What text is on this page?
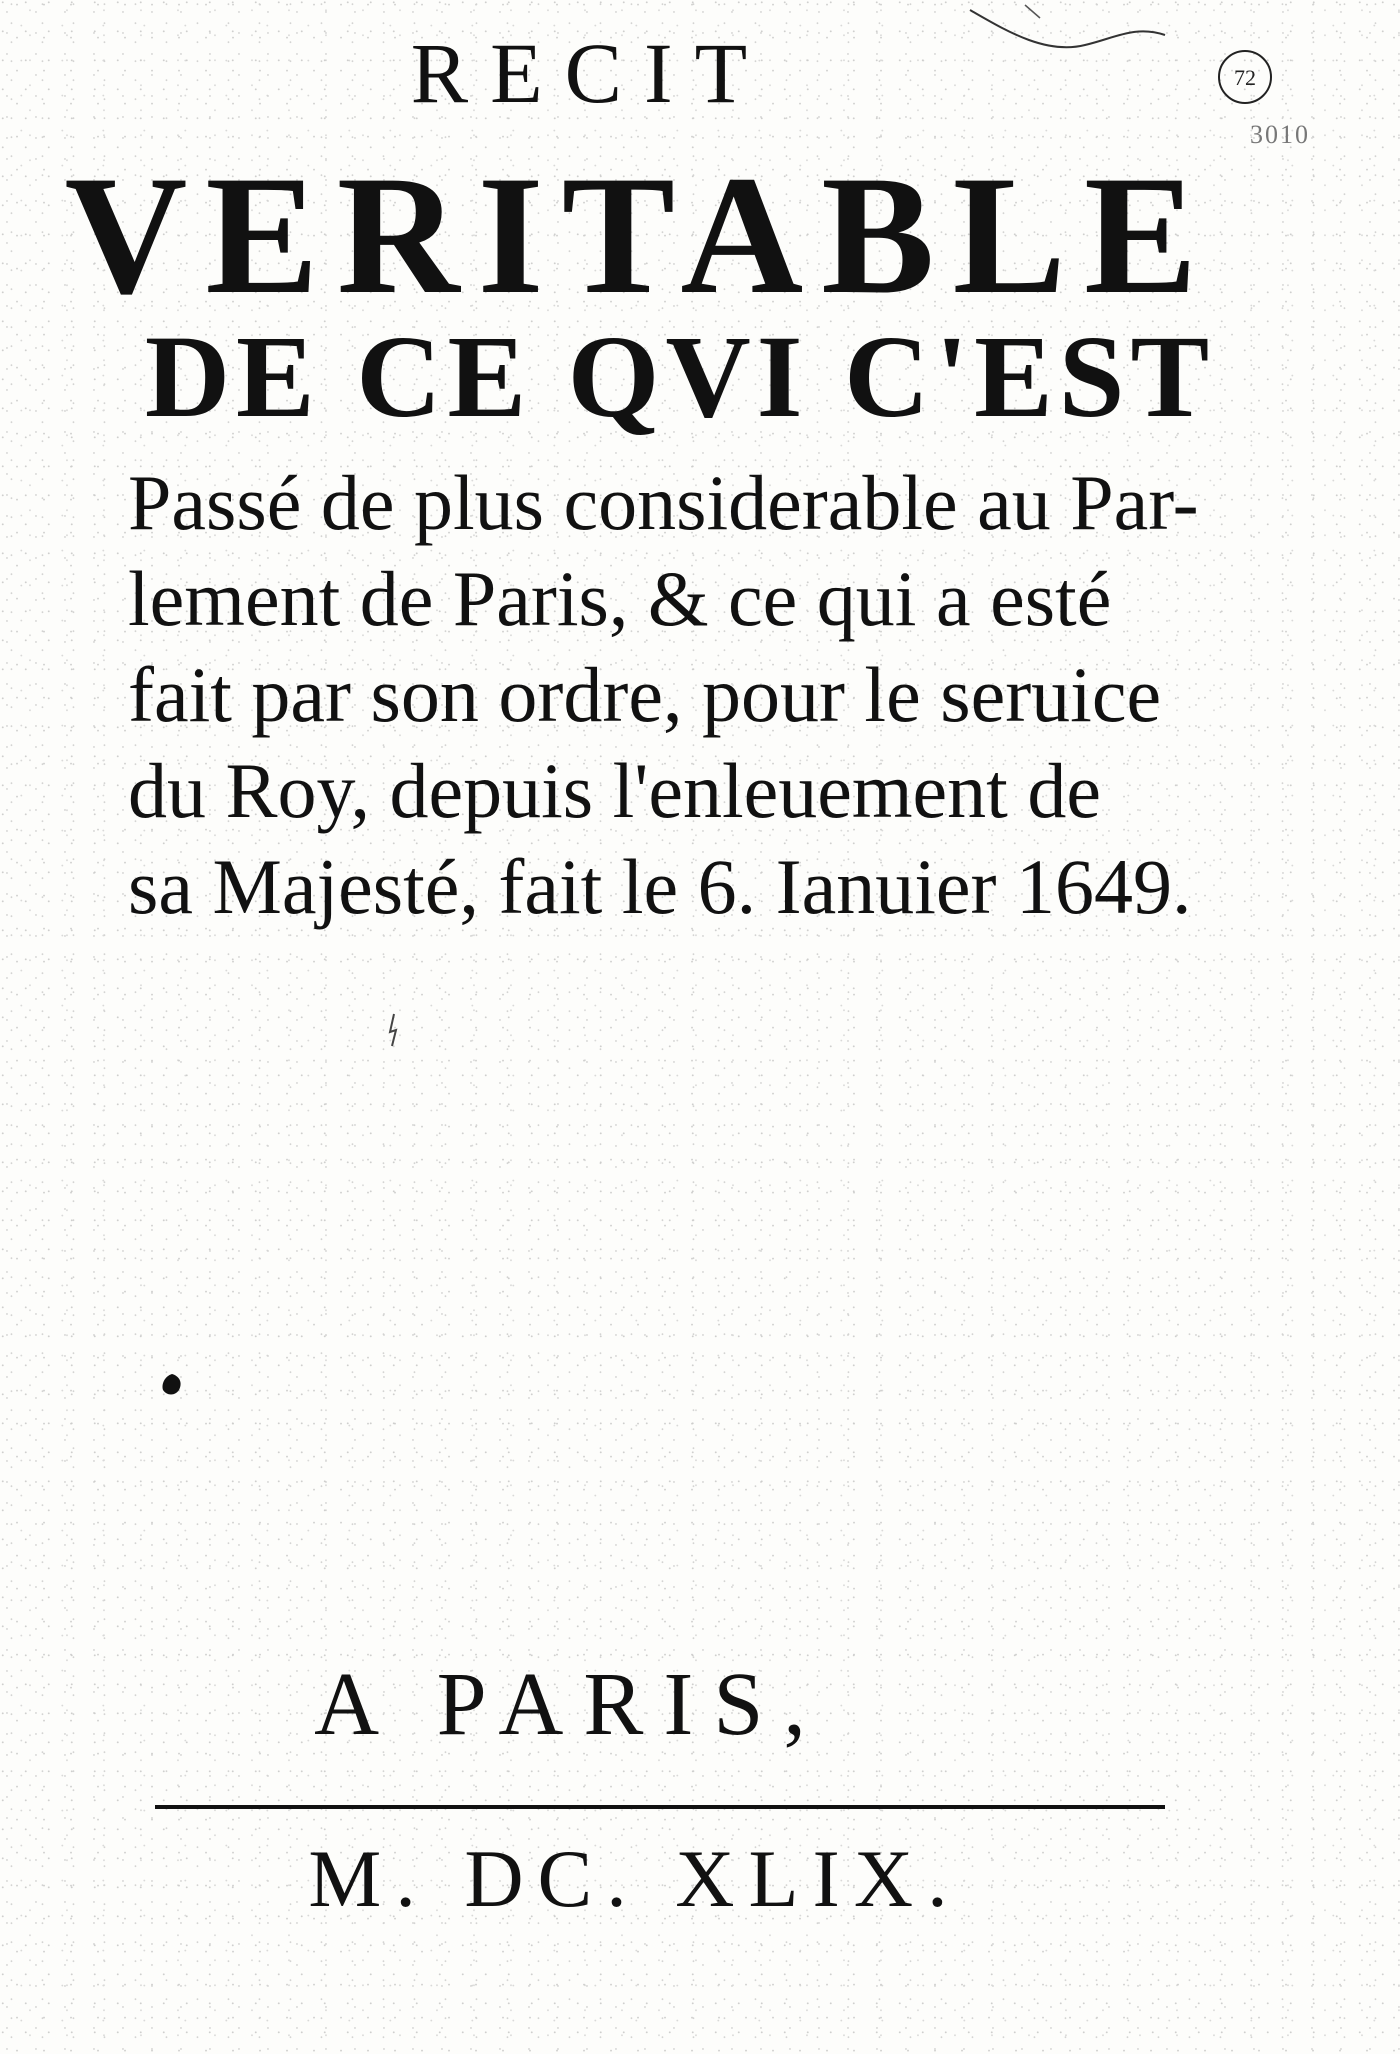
72
3010
RECIT
VERITABLE
DE CE QVI C'EST
Passé de plus considerable au Par-
lement de Paris, & ce qui a esté
fait par son ordre, pour le seruice
du Roy, depuis l'enleuement de
sa Majesté, fait le 6. Ianuier 1649.
A PARIS,
M. DC. XLIX.
